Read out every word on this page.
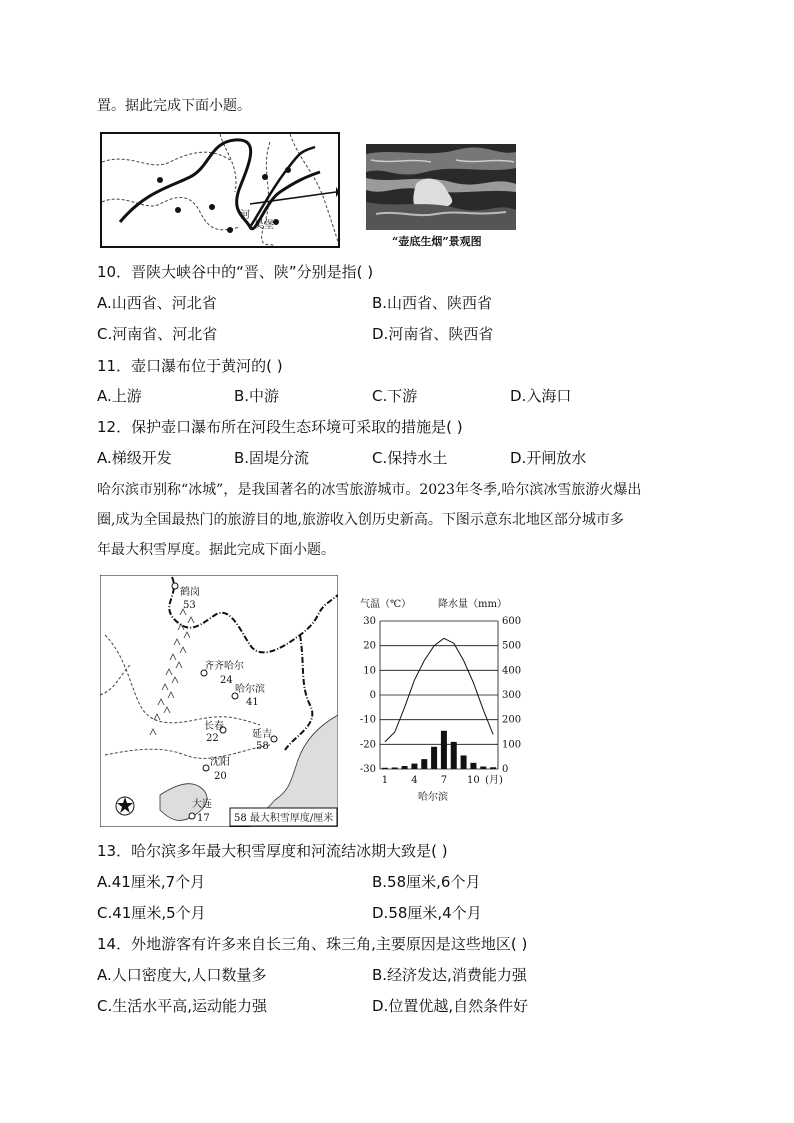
置。据此完成下面小题。
河
吴堡
“壶底生烟”景观图
10．晋陕大峡谷中的“晋、陕”分别是指( )
A.山西省、河北省	B.山西省、陕西省
C.河南省、河北省	D.河南省、陕西省
11．壶口瀑布位于黄河的( )
A.上游	B.中游	C.下游	D.入海口
12．保护壶口瀑布所在河段生态环境可采取的措施是( )
A.梯级开发	B.固堤分流	C.保持水土	D.开闸放水
哈尔滨市别称“冰城”，是我国著名的冰雪旅游城市。2023年冬季,哈尔滨冰雪旅游火爆出
圈,成为全国最热门的旅游目的地,旅游收入创历史新高。下图示意东北地区部分城市多
年最大积雪厚度。据此完成下面小题。
鹤岗
53
齐齐哈尔
24
哈尔滨
41
长春
22	延吉
58
沈阳
20
大连
17 58 最大积雪厚度/厘米
气温（℃）	降水量（mm）
30	600
20	500
10	400
0	300
-10	200
-20	100
-30	0
1 4 7 10 (月)
哈尔滨
13．哈尔滨多年最大积雪厚度和河流结冰期大致是( )
A.41厘米,7个月	B.58厘米,6个月
C.41厘米,5个月	D.58厘米,4个月
14．外地游客有许多来自长三角、珠三角,主要原因是这些地区( )
A.人口密度大,人口数量多	B.经济发达,消费能力强
C.生活水平高,运动能力强	D.位置优越,自然条件好
